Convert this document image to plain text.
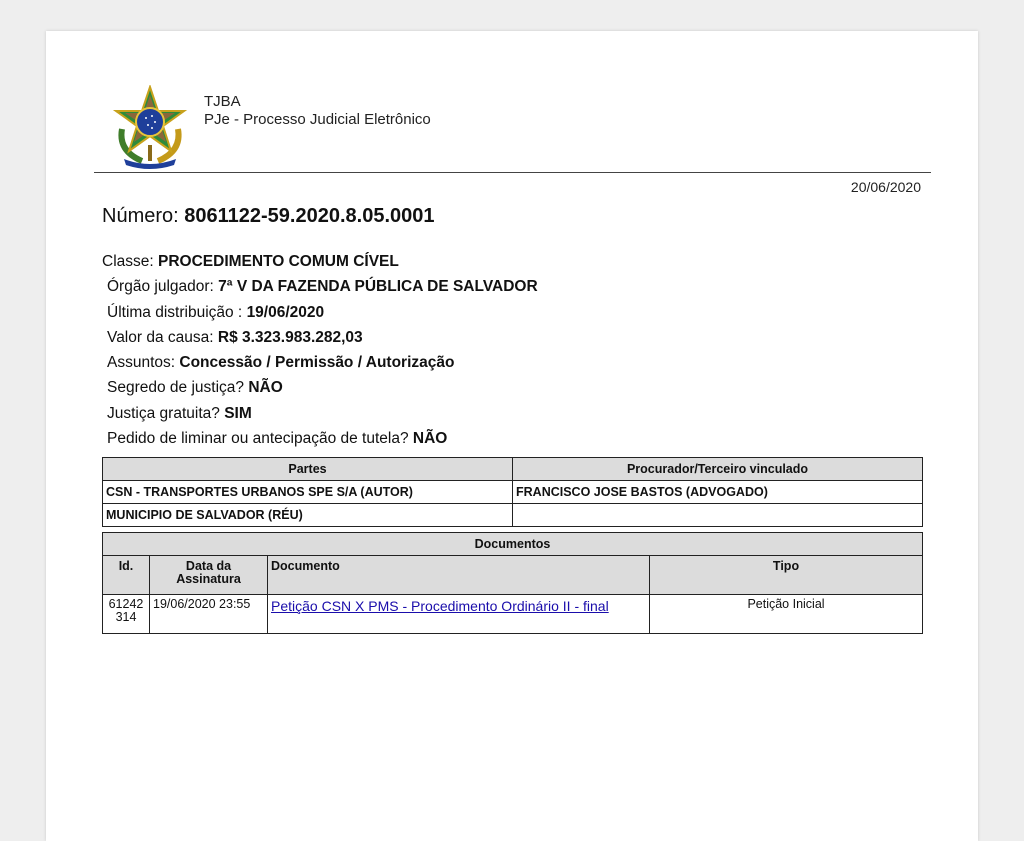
TJBA
PJe - Processo Judicial Eletrônico
20/06/2020
Número: 8061122-59.2020.8.05.0001
Classe: PROCEDIMENTO COMUM CÍVEL
Órgão julgador: 7ª V DA FAZENDA PÚBLICA DE SALVADOR
Última distribuição : 19/06/2020
Valor da causa: R$ 3.323.983.282,03
Assuntos: Concessão / Permissão / Autorização
Segredo de justiça? NÃO
Justiça gratuita? SIM
Pedido de liminar ou antecipação de tutela? NÃO
Partes	Procurador/Terceiro vinculado
CSN - TRANSPORTES URBANOS SPE S/A (AUTOR)	FRANCISCO JOSE BASTOS (ADVOGADO)
MUNICIPIO DE SALVADOR (RÉU)	
Documentos			
Id.	Data da Assinatura	Documento	Tipo
61242 314	19/06/2020 23:55	Petição CSN X PMS - Procedimento Ordinário II - final	Petição Inicial
